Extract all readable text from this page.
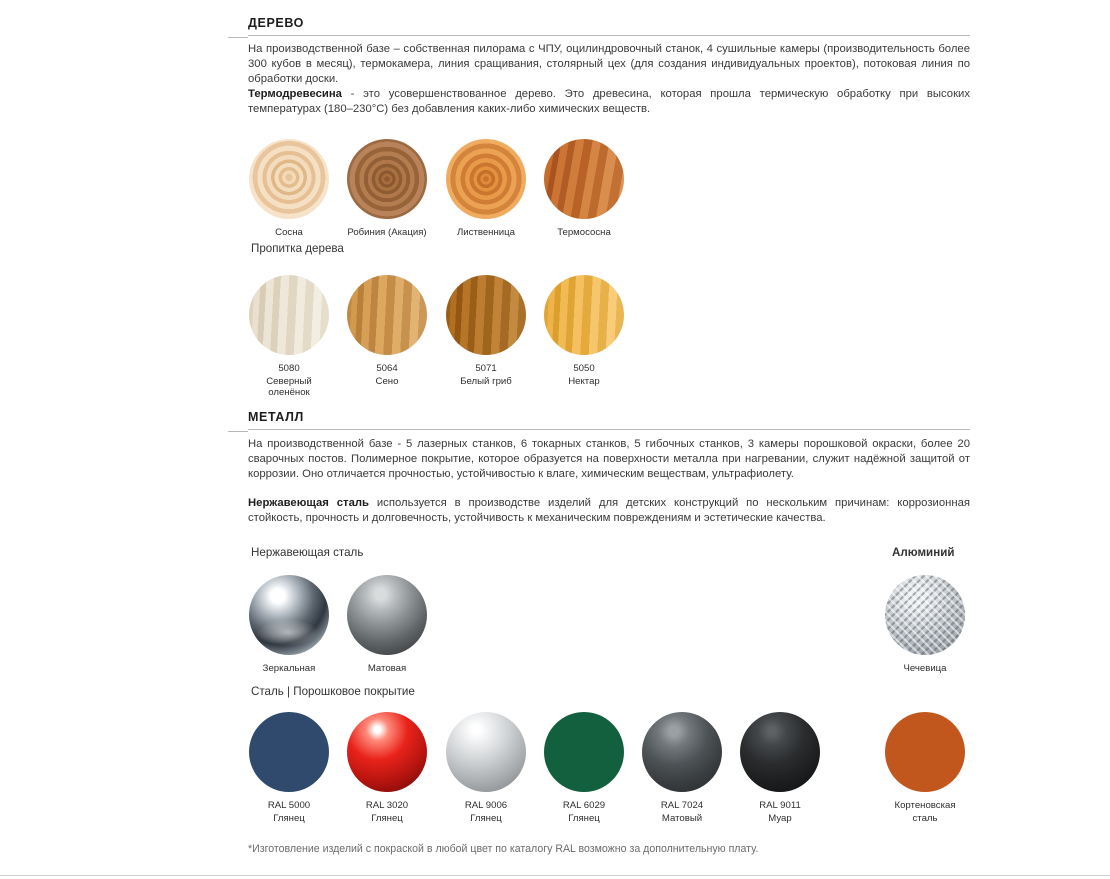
ДЕРЕВО
На производственной базе – собственная пилорама с ЧПУ, оцилиндровочный станок, 4 сушильные камеры (производительность более 300 кубов в месяц), термокамера, линия сращивания, столярный цех (для создания индивидуальных проектов), потоковая линия по обработки доски.
Термодревесина - это усовершенствованное дерево. Это древесина, которая прошла термическую обработку при высоких температурах (180–230°C) без добавления каких-либо химических веществ.
Сосна	Робиния (Акация)	Лиственница	Термососна
Пропитка дерева
5080
Северный
оленёнок
5064
Сено
5071
Белый гриб
5050
Нектар
МЕТАЛЛ
На производственной базе - 5 лазерных станков, 6 токарных станков, 5 гибочных станков, 3 камеры порошковой окраски, более 20 сварочных постов. Полимерное покрытие, которое образуется на поверхности металла при нагревании, служит надёжной защитой от коррозии. Оно отличается прочностью, устойчивостью к влаге, химическим веществам, ультрафиолету.
Нержавеющая сталь используется в производстве изделий для детских конструкций по нескольким причинам: коррозионная стойкость, прочность и долговечность, устойчивость к механическим повреждениям и эстетические качества.
Нержавеющая сталь	Алюминий
Зеркальная	Матовая	Чечевица
Сталь | Порошковое покрытие
RAL 5000
Глянец
RAL 3020
Глянец
RAL 9006
Глянец
RAL 6029
Глянец
RAL 7024
Матовый
RAL 9011
Муар
Кортеновская
сталь
*Изготовление изделий с покраской в любой цвет по каталогу RAL возможно за дополнительную плату.
